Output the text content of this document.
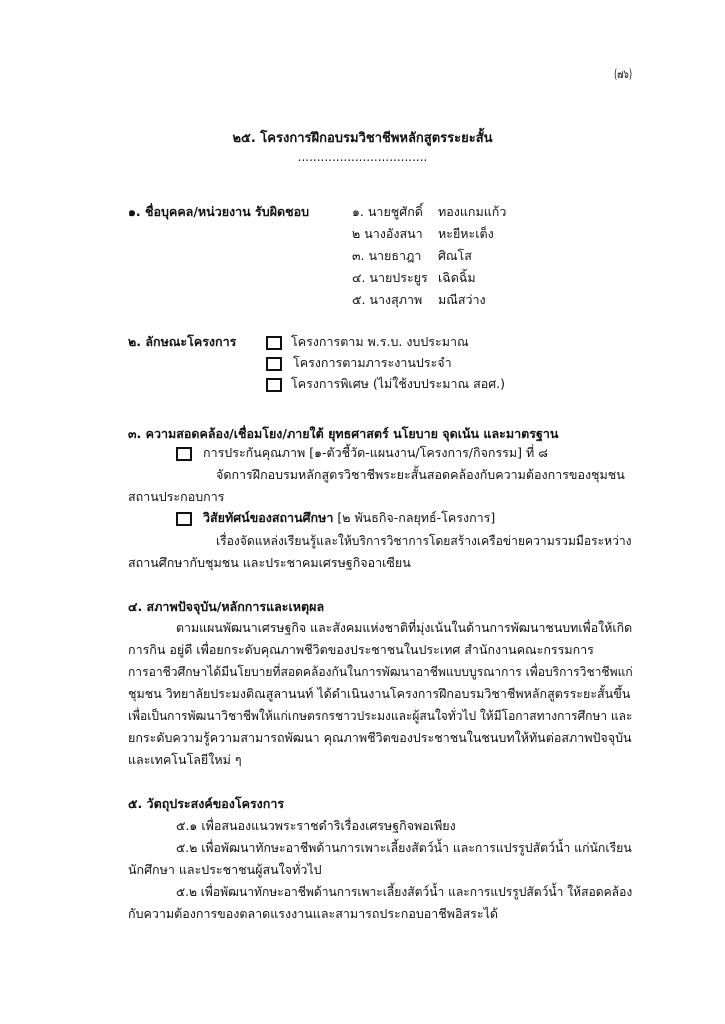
(๗๖)
๒๕. โครงการฝึกอบรมวิชาชีพหลักสูตรระยะสั้น
..................................
๑. ชื่อบุคคล/หน่วยงาน รับผิดชอบ	๑. นายชูศักดิ์ ทองแกมแก้ว
๒ นางอังสนา หะยีหะเต็ง
๓. นายธาฎา ศิณโส
๔. นายประยูร เฉิดฉิ้ม
๕. นางสุภาพ มณีสว่าง
๒. ลักษณะโครงการ	โครงการตาม พ.ร.บ. งบประมาณ
โครงการตามภาระงานประจำ
โครงการพิเศษ (ไม่ใช้งบประมาณ สอศ.)
๓. ความสอดคล้อง/เชื่อมโยง/ภายใต้ ยุทธศาสตร์ นโยบาย จุดเน้น และมาตรฐาน
การประกันคุณภาพ [๑-ตัวชี้วัด-แผนงาน/โครงการ/กิจกรรม] ที่ ๘
จัดการฝึกอบรมหลักสูตรวิชาชีพระยะสั้นสอดคล้องกับความต้องการของชุมชน
สถานประกอบการ
วิสัยทัศน์ของสถานศึกษา [๒ พันธกิจ-กลยุทธ์-โครงการ]
เรื่องจัดแหล่งเรียนรู้และให้บริการวิชาการโดยสร้างเครือข่ายความรวมมือระหว่าง
สถานศึกษากับชุมชน และประชาคมเศรษฐกิจอาเซียน
๔. สภาพปัจจุบัน/หลักการและเหตุผล
ตามแผนพัฒนาเศรษฐกิจ และสังคมแห่งชาติที่มุ่งเน้นในด้านการพัฒนาชนบทเพื่อให้เกิด
การกิน อยู่ดี เพื่อยกระดับคุณภาพชีวิตของประชาชนในประเทศ สำนักงานคณะกรรมการ
การอาชีวศึกษาได้มีนโยบายที่สอดคล้องกันในการพัฒนาอาชีพแบบบูรณาการ เพื่อบริการวิชาชีพแก่
ชุมชน วิทยาลัยประมงติณสูลานนท์ ได้ดำเนินงานโครงการฝึกอบรมวิชาชีพหลักสูตรระยะสั้นขึ้น
เพื่อเป็นการพัฒนาวิชาชีพให้แก่เกษตรกรชาวประมงและผู้สนใจทั่วไป ให้มีโอกาสทางการศึกษา และ
ยกระดับความรู้ความสามารถพัฒนา คุณภาพชีวิตของประชาชนในชนบทให้ทันต่อสภาพปัจจุบัน
และเทคโนโลยีใหม่ ๆ
๕. วัตถุประสงค์ของโครงการ
๕.๑ เพื่อสนองแนวพระราชดำริเรื่องเศรษฐกิจพอเพียง
๕.๒ เพื่อพัฒนาทักษะอาชีพด้านการเพาะเลี้ยงสัตว์น้ำ และการแปรรูปสัตว์น้ำ แก่นักเรียน
นักศึกษา และประชาชนผู้สนใจทั่วไป
๕.๒ เพื่อพัฒนาทักษะอาชีพด้านการเพาะเลี้ยงสัตว์น้ำ และการแปรรูปสัตว์น้ำ ให้สอดคล้อง
กับความต้องการของตลาดแรงงานและสามารถประกอบอาชีพอิสระได้
